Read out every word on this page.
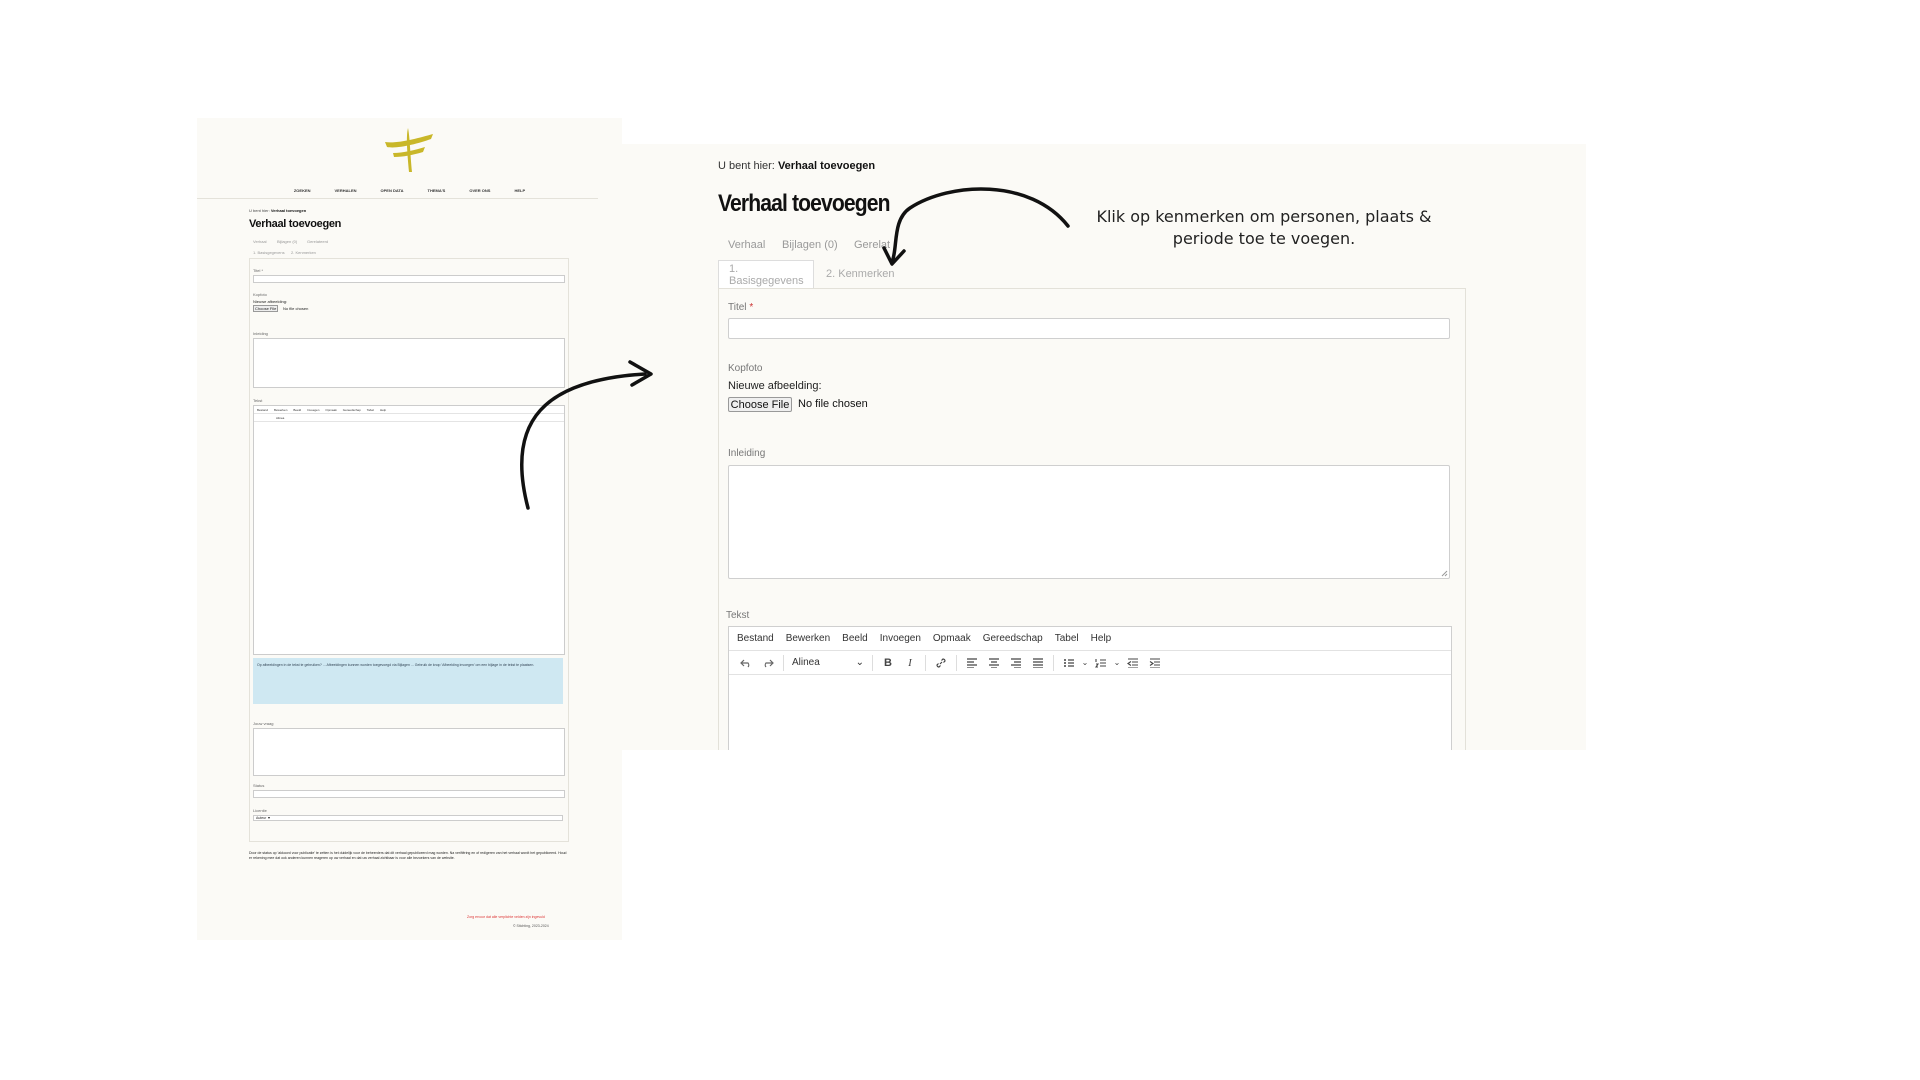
ZOEKEN	VERHALEN	OPEN DATA	THEMA'S	OVER ONS	HELP
U bent hier: Verhaal toevoegen
Verhaal toevoegen
Verhaal	Bijlagen (0) Gerelateerd
1. Basisgegevens 2. Kenmerken
Titel *
Kopfoto
Nieuwe afbeelding:
Choose File	No file chosen
Inleiding
Tekst
Bestand Bewerken Beeld Invoegen Opmaak Gereedschap Tabel Help
Alinea
Op afbeeldingen in de tekst te gebruiken? ... Afbeeldingen kunnen worden toegevoegd via Bijlagen ... Gebruik de knop 'Afbeelding invoegen' om een bijlage in de tekst te plaatsen.
Jouw vraag
Status
Licentie
Auteur ▼
Door de status op 'akkoord voor publicatie' te zetten is het duidelijk voor de beheerders dat dit verhaal gepubliceerd mag worden. Na verifiëring en of redigeren van het verhaal wordt het gepubliceerd. Houd er rekening mee dat ook anderen kunnen reageren op uw verhaal en dat uw verhaal zichtbaar is voor alle bezoekers van de website.
Zorg ervoor dat alle verplichte velden zijn ingevuld
© Stichting, 2023-2024
U bent hier: Verhaal toevoegen
Verhaal toevoegen
Verhaal Bijlagen (0) Gerelat
1. Basisgegevens
2. Kenmerken
Titel *
Kopfoto
Nieuwe afbeelding:
Choose File No file chosen
Inleiding
Tekst
Bestand Bewerken Beeld Invoegen Opmaak Gereedschap Tabel Help
Alinea	⌄	B	I	⌄	⌄
Klik op kenmerken om personen, plaats & periode toe te voegen.
